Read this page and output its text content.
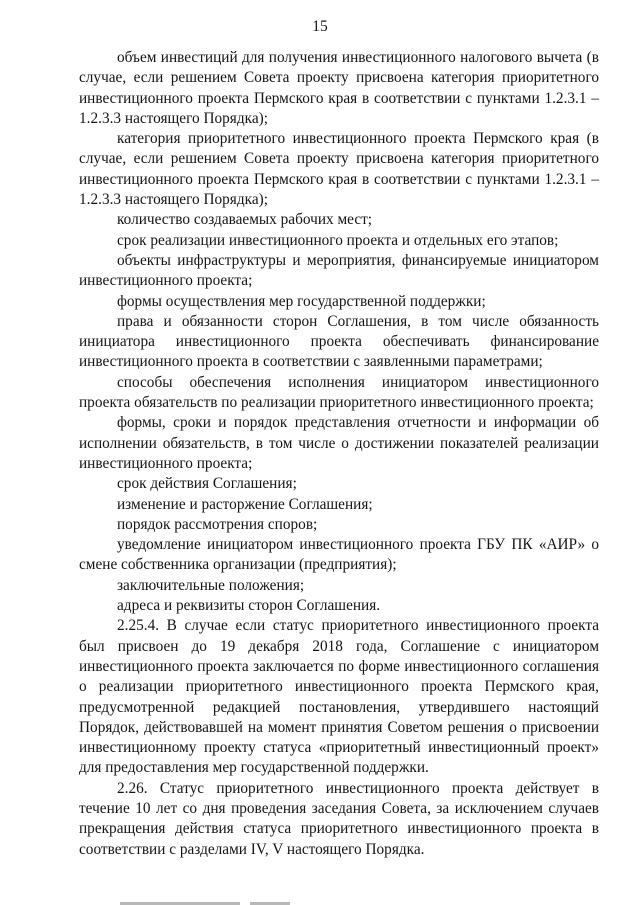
15

объем инвестиций для получения инвестиционного налогового вычета (в случае, если решением Совета проекту присвоена категория приоритетного инвестиционного проекта Пермского края в соответствии с пунктами 1.2.3.1 – 1.2.3.3 настоящего Порядка);

категория приоритетного инвестиционного проекта Пермского края (в случае, если решением Совета проекту присвоена категория приоритетного инвестиционного проекта Пермского края в соответствии с пунктами 1.2.3.1 – 1.2.3.3 настоящего Порядка);

количество создаваемых рабочих мест;

срок реализации инвестиционного проекта и отдельных его этапов;

объекты инфраструктуры и мероприятия, финансируемые инициатором инвестиционного проекта;

формы осуществления мер государственной поддержки;

права и обязанности сторон Соглашения, в том числе обязанность инициатора инвестиционного проекта обеспечивать финансирование инвестиционного проекта в соответствии с заявленными параметрами;

способы обеспечения исполнения инициатором инвестиционного проекта обязательств по реализации приоритетного инвестиционного проекта;

формы, сроки и порядок представления отчетности и информации об исполнении обязательств, в том числе о достижении показателей реализации инвестиционного проекта;

срок действия Соглашения;

изменение и расторжение Соглашения;

порядок рассмотрения споров;

уведомление инициатором инвестиционного проекта ГБУ ПК «АИР» о смене собственника организации (предприятия);

заключительные положения;

адреса и реквизиты сторон Соглашения.

2.25.4. В случае если статус приоритетного инвестиционного проекта был присвоен до 19 декабря 2018 года, Соглашение с инициатором инвестиционного проекта заключается по форме инвестиционного соглашения о реализации приоритетного инвестиционного проекта Пермского края, предусмотренной редакцией постановления, утвердившего настоящий Порядок, действовавшей на момент принятия Советом решения о присвоении инвестиционному проекту статуса «приоритетный инвестиционный проект» для предоставления мер государственной поддержки.

2.26. Статус приоритетного инвестиционного проекта действует в течение 10 лет со дня проведения заседания Совета, за исключением случаев прекращения действия статуса приоритетного инвестиционного проекта в соответствии с разделами IV, V настоящего Порядка.
